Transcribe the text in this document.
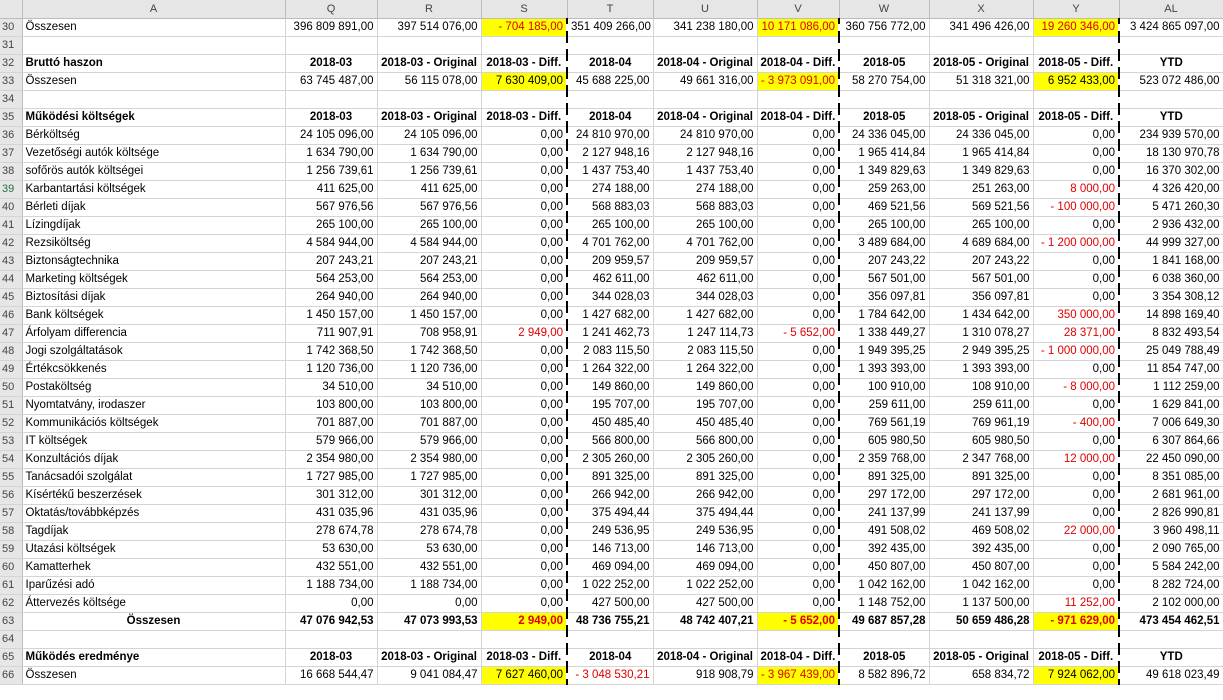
	A	Q	R	S	T	U	V	W	X	Y	AL
30	Összesen	396 809 891,00	397 514 076,00	- 704 185,00	351 409 266,00	341 238 180,00	10 171 086,00	360 756 772,00	341 496 426,00	19 260 346,00	3 424 865 097,00
31											
32	Bruttó haszon	2018-03	2018-03 - Original	2018-03 - Diff.	2018-04	2018-04 - Original	2018-04 - Diff.	2018-05	2018-05 - Original	2018-05 - Diff.	YTD
33	Összesen	63 745 487,00	56 115 078,00	7 630 409,00	45 688 225,00	49 661 316,00	- 3 973 091,00	58 270 754,00	51 318 321,00	6 952 433,00	523 072 486,00
34											
35	Működési költségek	2018-03	2018-03 - Original	2018-03 - Diff.	2018-04	2018-04 - Original	2018-04 - Diff.	2018-05	2018-05 - Original	2018-05 - Diff.	YTD
36	Bérköltség	24 105 096,00	24 105 096,00	0,00	24 810 970,00	24 810 970,00	0,00	24 336 045,00	24 336 045,00	0,00	234 939 570,00
37	Vezetőségi autók költsége	1 634 790,00	1 634 790,00	0,00	2 127 948,16	2 127 948,16	0,00	1 965 414,84	1 965 414,84	0,00	18 130 970,78
38	sofőrös autók költségei	1 256 739,61	1 256 739,61	0,00	1 437 753,40	1 437 753,40	0,00	1 349 829,63	1 349 829,63	0,00	16 370 302,00
39	Karbantartási költségek	411 625,00	411 625,00	0,00	274 188,00	274 188,00	0,00	259 263,00	251 263,00	8 000,00	4 326 420,00
40	Bérleti díjak	567 976,56	567 976,56	0,00	568 883,03	568 883,03	0,00	469 521,56	569 521,56	- 100 000,00	5 471 260,30
41	Lízingdíjak	265 100,00	265 100,00	0,00	265 100,00	265 100,00	0,00	265 100,00	265 100,00	0,00	2 936 432,00
42	Rezsiköltség	4 584 944,00	4 584 944,00	0,00	4 701 762,00	4 701 762,00	0,00	3 489 684,00	4 689 684,00	- 1 200 000,00	44 999 327,00
43	Biztonságtechnika	207 243,21	207 243,21	0,00	209 959,57	209 959,57	0,00	207 243,22	207 243,22	0,00	1 841 168,00
44	Marketing költségek	564 253,00	564 253,00	0,00	462 611,00	462 611,00	0,00	567 501,00	567 501,00	0,00	6 038 360,00
45	Biztosítási díjak	264 940,00	264 940,00	0,00	344 028,03	344 028,03	0,00	356 097,81	356 097,81	0,00	3 354 308,12
46	Bank költségek	1 450 157,00	1 450 157,00	0,00	1 427 682,00	1 427 682,00	0,00	1 784 642,00	1 434 642,00	350 000,00	14 898 169,40
47	Árfolyam differencia	711 907,91	708 958,91	2 949,00	1 241 462,73	1 247 114,73	- 5 652,00	1 338 449,27	1 310 078,27	28 371,00	8 832 493,54
48	Jogi szolgáltatások	1 742 368,50	1 742 368,50	0,00	2 083 115,50	2 083 115,50	0,00	1 949 395,25	2 949 395,25	- 1 000 000,00	25 049 788,49
49	Értékcsökkenés	1 120 736,00	1 120 736,00	0,00	1 264 322,00	1 264 322,00	0,00	1 393 393,00	1 393 393,00	0,00	11 854 747,00
50	Postaköltség	34 510,00	34 510,00	0,00	149 860,00	149 860,00	0,00	100 910,00	108 910,00	- 8 000,00	1 112 259,00
51	Nyomtatvány, irodaszer	103 800,00	103 800,00	0,00	195 707,00	195 707,00	0,00	259 611,00	259 611,00	0,00	1 629 841,00
52	Kommunikációs költségek	701 887,00	701 887,00	0,00	450 485,40	450 485,40	0,00	769 561,19	769 961,19	- 400,00	7 006 649,30
53	IT költségek	579 966,00	579 966,00	0,00	566 800,00	566 800,00	0,00	605 980,50	605 980,50	0,00	6 307 864,66
54	Konzultációs díjak	2 354 980,00	2 354 980,00	0,00	2 305 260,00	2 305 260,00	0,00	2 359 768,00	2 347 768,00	12 000,00	22 450 090,00
55	Tanácsadói szolgálat	1 727 985,00	1 727 985,00	0,00	891 325,00	891 325,00	0,00	891 325,00	891 325,00	0,00	8 351 085,00
56	Kísértékű beszerzések	301 312,00	301 312,00	0,00	266 942,00	266 942,00	0,00	297 172,00	297 172,00	0,00	2 681 961,00
57	Oktatás/továbbképzés	431 035,96	431 035,96	0,00	375 494,44	375 494,44	0,00	241 137,99	241 137,99	0,00	2 826 990,81
58	Tagdíjak	278 674,78	278 674,78	0,00	249 536,95	249 536,95	0,00	491 508,02	469 508,02	22 000,00	3 960 498,11
59	Utazási költségek	53 630,00	53 630,00	0,00	146 713,00	146 713,00	0,00	392 435,00	392 435,00	0,00	2 090 765,00
60	Kamatterhek	432 551,00	432 551,00	0,00	469 094,00	469 094,00	0,00	450 807,00	450 807,00	0,00	5 584 242,00
61	Iparűzési adó	1 188 734,00	1 188 734,00	0,00	1 022 252,00	1 022 252,00	0,00	1 042 162,00	1 042 162,00	0,00	8 282 724,00
62	Áttervezés költsége	0,00	0,00	0,00	427 500,00	427 500,00	0,00	1 148 752,00	1 137 500,00	11 252,00	2 102 000,00
63	Összesen	47 076 942,53	47 073 993,53	2 949,00	48 736 755,21	48 742 407,21	- 5 652,00	49 687 857,28	50 659 486,28	- 971 629,00	473 454 462,51
64											
65	Működés eredménye	2018-03	2018-03 - Original	2018-03 - Diff.	2018-04	2018-04 - Original	2018-04 - Diff.	2018-05	2018-05 - Original	2018-05 - Diff.	YTD
66	Összesen	16 668 544,47	9 041 084,47	7 627 460,00	- 3 048 530,21	918 908,79	- 3 967 439,00	8 582 896,72	658 834,72	7 924 062,00	49 618 023,49
